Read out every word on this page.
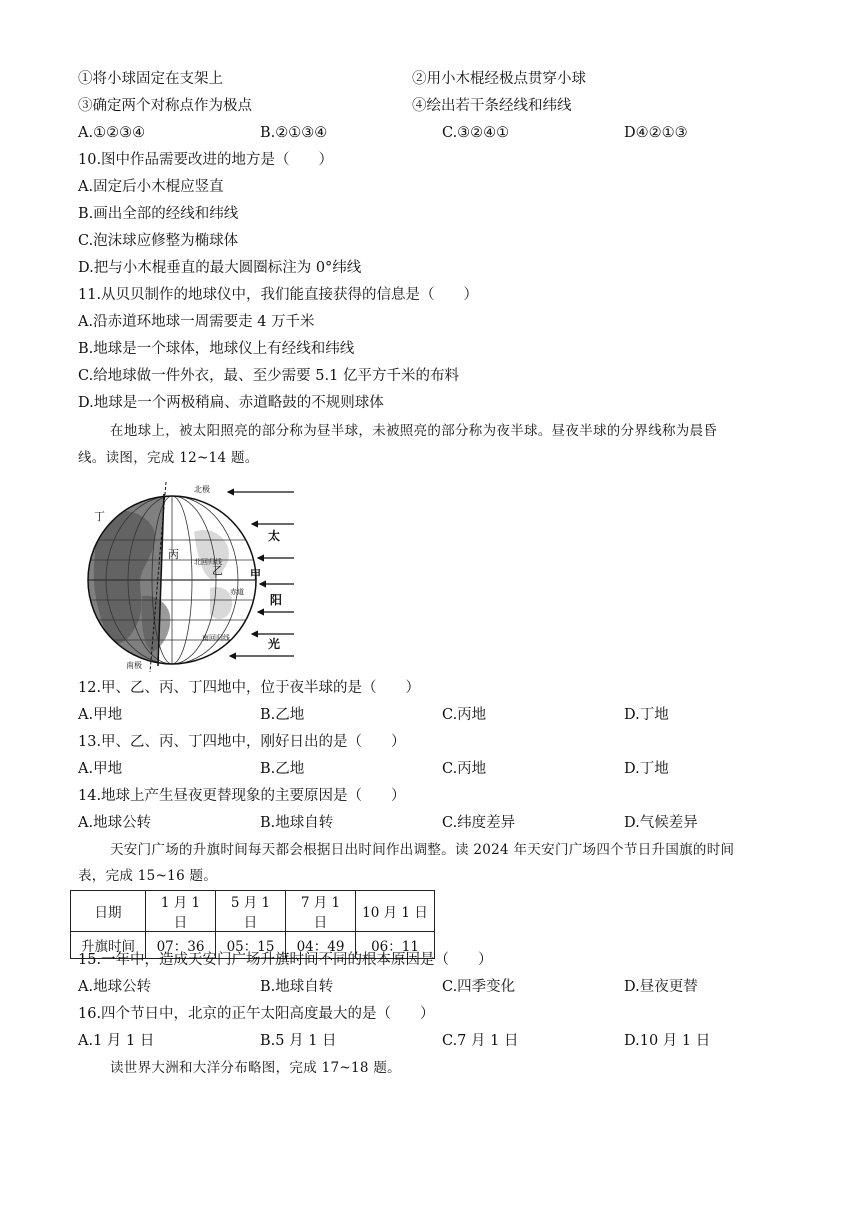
①将小球固定在支架上	②用小木棍经极点贯穿小球
③确定两个对称点作为极点	④绘出若干条经线和纬线
A.①②③④	B.②①③④	C.③②④①	D④②①③
10.图中作品需要改进的地方是（　　）
A.固定后小木棍应竖直
B.画出全部的经线和纬线
C.泡沫球应修整为椭球体
D.把与小木棍垂直的最大圆圈标注为 0°纬线
11.从贝贝制作的地球仪中，我们能直接获得的信息是（　　）
A.沿赤道环地球一周需要走 4 万千米
B.地球是一个球体，地球仪上有经线和纬线
C.给地球做一件外衣，最、至少需要 5.1 亿平方千米的布料
D.地球是一个两极稍扁、赤道略鼓的不规则球体
在地球上，被太阳照亮的部分称为昼半球，未被照亮的部分称为夜半球。昼夜半球的分界线称为晨昏
线。读图，完成 12~14 题。
北极
南极
丁
丙
乙 甲
北回归线
赤道
南回归线
太
阳
光
12.甲、乙、丙、丁四地中，位于夜半球的是（　　）
A.甲地	B.乙地	C.丙地	D.丁地
13.甲、乙、丙、丁四地中，刚好日出的是（　　）
A.甲地	B.乙地	C.丙地	D.丁地
14.地球上产生昼夜更替现象的主要原因是（　　）
A.地球公转	B.地球自转	C.纬度差异	D.气候差异
天安门广场的升旗时间每天都会根据日出时间作出调整。读 2024 年天安门广场四个节日升国旗的时间
表，完成 15~16 题。
日期	1 月 1 日	5 月 1 日	7 月 1 日	10 月 1 日
升旗时间	07：36	05：15	04：49	06：11
15.一年中，造成天安门广场升旗时间不同的根本原因是（　　）
A.地球公转	B.地球自转	C.四季变化	D.昼夜更替
16.四个节日中，北京的正午太阳高度最大的是（　　）
A.1 月 1 日	B.5 月 1 日	C.7 月 1 日	D.10 月 1 日
读世界大洲和大洋分布略图，完成 17~18 题。
